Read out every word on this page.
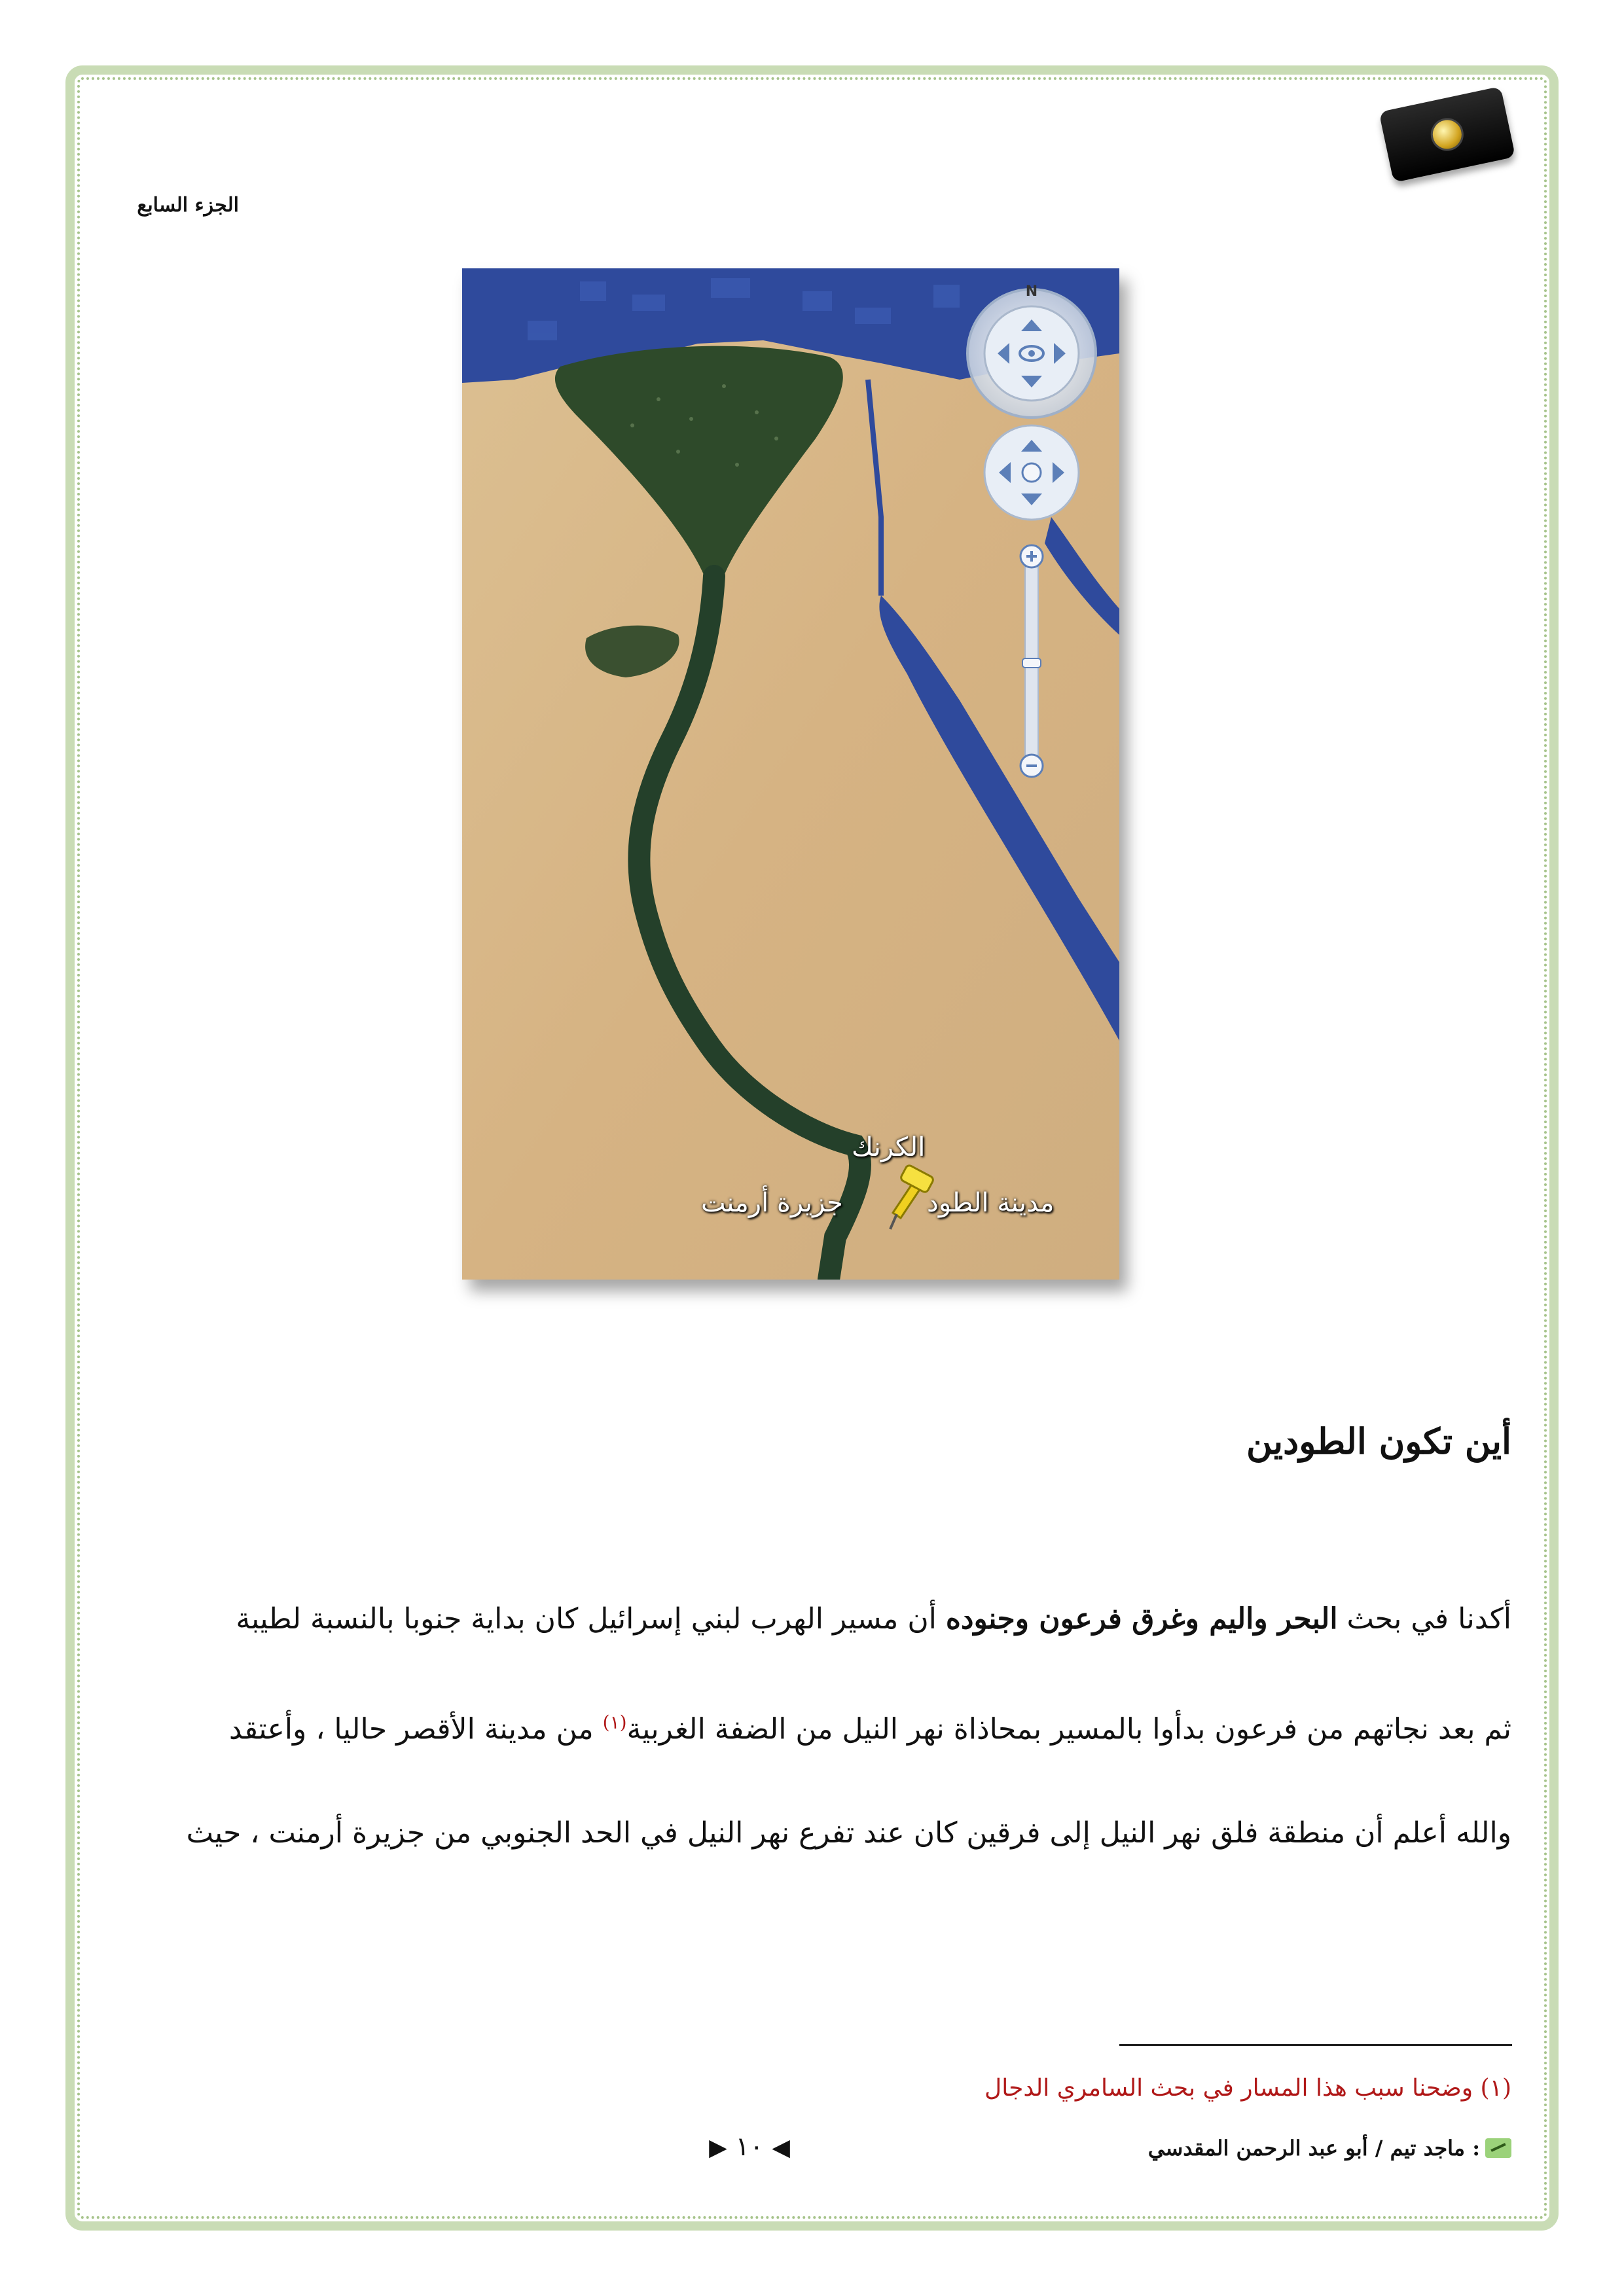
الجزء السابع
N
الكرنك
مدينة الطود
جزيرة أرمنت
أين تكون الطودين
أكدنا في بحث البحر واليم وغرق فرعون وجنوده أن مسير الهرب لبني إسرائيل كان بداية جنوبا بالنسبة لطيبة
ثم بعد نجاتهم من فرعون بدأوا بالمسير بمحاذاة نهر النيل من الضفة الغربية$^{(١)}$ من مدينة الأقصر حاليا ، وأعتقد
والله أعلم أن منطقة فلق نهر النيل إلى فرقين كان عند تفرع نهر النيل في الحد الجنوبي من جزيرة أرمنت ، حيث
(١) وضحنا سبب هذا المسار في بحث السامري الدجال
◀ ١٠ ▶	: ماجد تيم / أبو عبد الرحمن المقدسي
